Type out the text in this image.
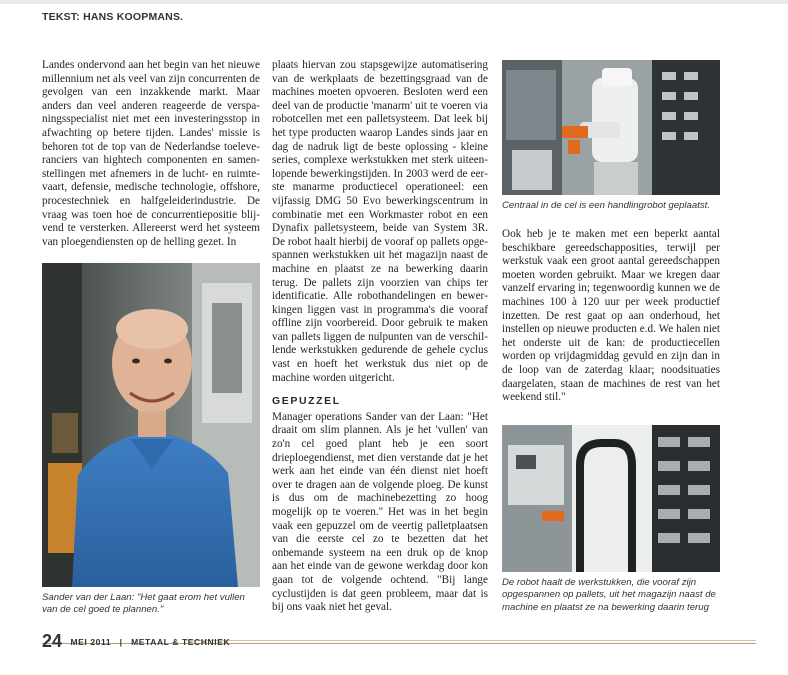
TEKST: HANS KOOPMANS.

Landes ondervond aan het begin van het nieuwe millennium net als veel van zijn concurrenten de gevolgen van een inzakkende markt. Maar anders dan veel anderen reageerde de verspaningsspecialist niet met een investeringsstop in afwachting op betere tijden. Landes' missie is behoren tot de top van de Nederlandse toeleveranciers van hightech componenten en samenstellingen met afnemers in de lucht- en ruimtevaart, defensie, medische technologie, offshore, procestechniek en halfgeleiderindustrie. De vraag was toen hoe de concurrentiepositie blijvend te versterken. Allereerst werd het systeem van ploegendiensten op de helling gezet. In

Sander van der Laan: "Het gaat erom het vullen van de cel goed te plannen."

plaats hiervan zou stapsgewijze automatisering van de werkplaats de bezettingsgraad van de machines moeten opvoeren. Besloten werd een deel van de productie 'manarm' uit te voeren via robotcellen met een palletsysteem. Dat leek bij het type producten waarop Landes sinds jaar en dag de nadruk ligt de beste oplossing - kleine series, complexe werkstukken met sterk uiteenlopende bewerkingstijden. In 2003 werd de eerste manarme productiecel operationeel: een vijfassig DMG 50 Evo bewerkingscentrum in combinatie met een Workmaster robot en een Dynafix palletsysteem, beide van System 3R. De robot haalt hierbij de vooraf op pallets opgespannen werkstukken uit het magazijn naast de machine en plaatst ze na bewerking daarin terug. De pallets zijn voorzien van chips ter identificatie. Alle robothandelingen en bewerkingen liggen vast in programma's die vooraf offline zijn voorbereid. Door gebruik te maken van pallets liggen de nulpunten van de verschillende werkstukken gedurende de gehele cyclus vast en hoeft het werkstuk dus niet op de machine worden uitgericht.

GEPUZZEL

Manager operations Sander van der Laan: "Het draait om slim plannen. Als je het 'vullen' van zo'n cel goed plant heb je een soort drieploegendienst, met dien verstande dat je het werk aan het einde van één dienst niet hoeft over te dragen aan de volgende ploeg. De kunst is dus om de machinebezetting zo hoog mogelijk op te voeren." Het was in het begin vaak een gepuzzel om de veertig palletplaatsen van die eerste cel zo te bezetten dat het onbemande systeem na een druk op de knop aan het einde van de gewone werkdag door kon gaan tot de volgende ochtend. "Bij lange cyclustijden is dat geen probleem, maar dat is bij ons vaak niet het geval.

Centraal in de cel is een handlingrobot geplaatst.

Ook heb je te maken met een beperkt aantal beschikbare gereedschapposities, terwijl per werkstuk vaak een groot aantal gereedschappen moeten worden gebruikt. Maar we kregen daar vanzelf ervaring in; tegenwoordig kunnen we de machines 100 à 120 uur per week productief inzetten. De rest gaat op aan onderhoud, het instellen op nieuwe producten e.d. We halen niet het onderste uit de kan: de productiecellen worden op vrijdagmiddag gevuld en zijn dan in de loop van de zaterdag klaar; noodsituaties daargelaten, staan de machines de rest van het weekend stil."

De robot haalt de werkstukken, die vooraf zijn opgespannen op pallets, uit het magazijn naast de machine en plaatst ze na bewerking daarin terug
24 MEI 2011 | METAAL & TECHNIEK
